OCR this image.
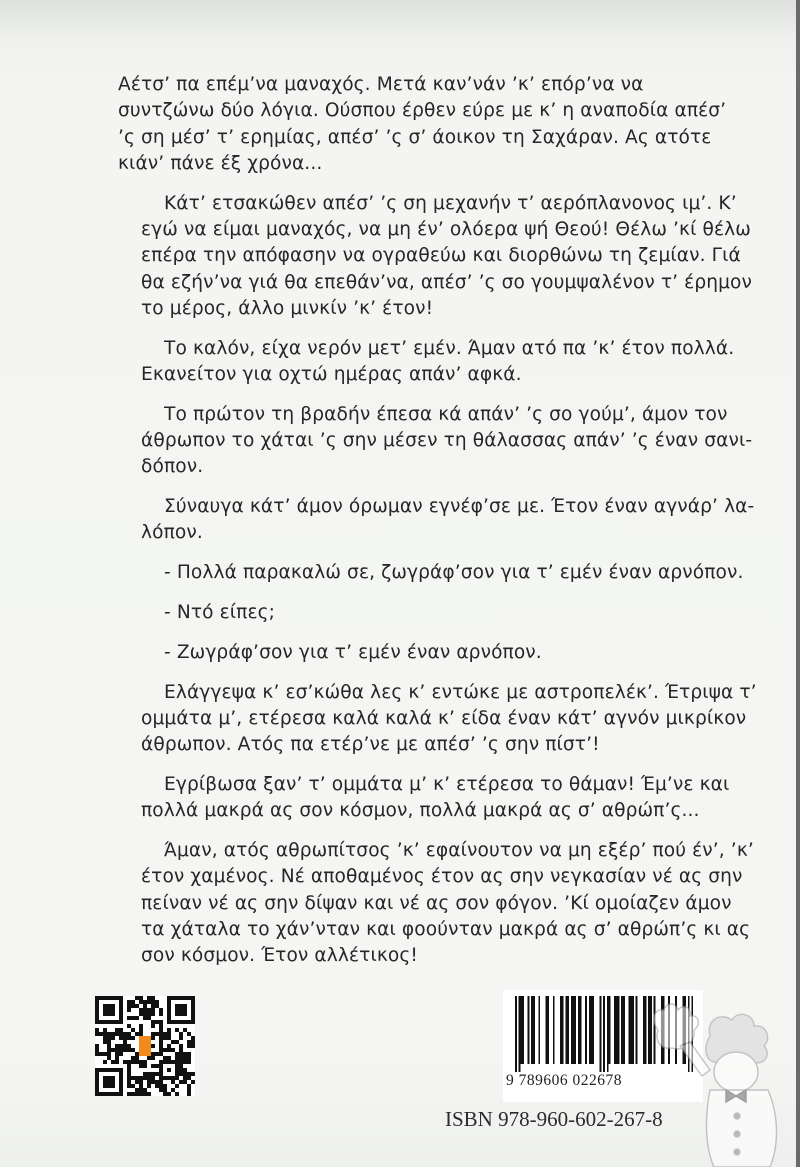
Αέτσ’ πα επέμ’να μαναχός. Μετά καν’νάν ’κ’ επόρ’να να
συντζώνω δύο λόγια. Ούσπου έρθεν εύρε με κ’ η αναποδία απέσ’
’ς ση μέσ’ τ’ ερημίας, απέσ’ ’ς σ’ άοικον τη Σαχάραν. Ας ατότε
κιάν’ πάνε έξ χρόνα...

Κάτ’ ετσακώθεν απέσ’ ’ς ση μεχανήν τ’ αερόπλανονος ιμ’. Κ’
εγώ να είμαι μαναχός, να μη έν’ ολόερα ψή Θεού! Θέλω ’κί θέλω
επέρα την απόφασην να ογραθεύω και διορθώνω τη ζεμίαν. Γιά
θα εζήν’να γιά θα επεθάν’να, απέσ’ ’ς σο γουμψαλένον τ’ έρημον
το μέρος, άλλο μινκίν ’κ’ έτον!

Το καλόν, είχα νερόν μετ’ εμέν. Άμαν ατό πα ’κ’ έτον πολλά.
Εκανείτον για οχτώ ημέρας απάν’ αφκά.

Το πρώτον τη βραδήν έπεσα κά απάν’ ’ς σο γούμ’, άμον τον
άθρωπον το χάται ’ς σην μέσεν τη θάλασσας απάν’ ’ς έναν σανι-
δόπον.

Σύναυγα κάτ’ άμον όρωμαν εγνέφ’σε με. Έτον έναν αγνάρ’ λα-
λόπον.

- Πολλά παρακαλώ σε, ζωγράφ’σον για τ’ εμέν έναν αρνόπον.

- Ντό είπες;

- Ζωγράφ’σον για τ’ εμέν έναν αρνόπον.

Ελάγγεψα κ’ εσ’κώθα λες κ’ εντώκε με αστροπελέκ’. Έτριψα τ’
ομμάτα μ’, ετέρεσα καλά καλά κ’ είδα έναν κάτ’ αγνόν μικρίκον
άθρωπον. Ατός πα ετέρ’νε με απέσ’ ’ς σην πίστ’!

Εγρίβωσα ξαν’ τ’ ομμάτα μ’ κ’ ετέρεσα το θάμαν! Έμ’νε και
πολλά μακρά ας σον κόσμον, πολλά μακρά ας σ’ αθρώπ’ς...

Άμαν, ατός αθρωπίτσος ’κ’ εφαίνουτον να μη εξέρ’ πού έν’, ’κ’
έτον χαμένος. Νέ αποθαμένος έτον ας σην νεγκασίαν νέ ας σην
πείναν νέ ας σην δίψαν και νέ ας σον φόγον. ’Κί ομοίαζεν άμον
τα χάταλα το χάν’νταν και φοούνταν μακρά ας σ’ αθρώπ’ς κι ας
σον κόσμον. Έτον αλλέτικος!

9 789606 022678
ISBN 978-960-602-267-8
